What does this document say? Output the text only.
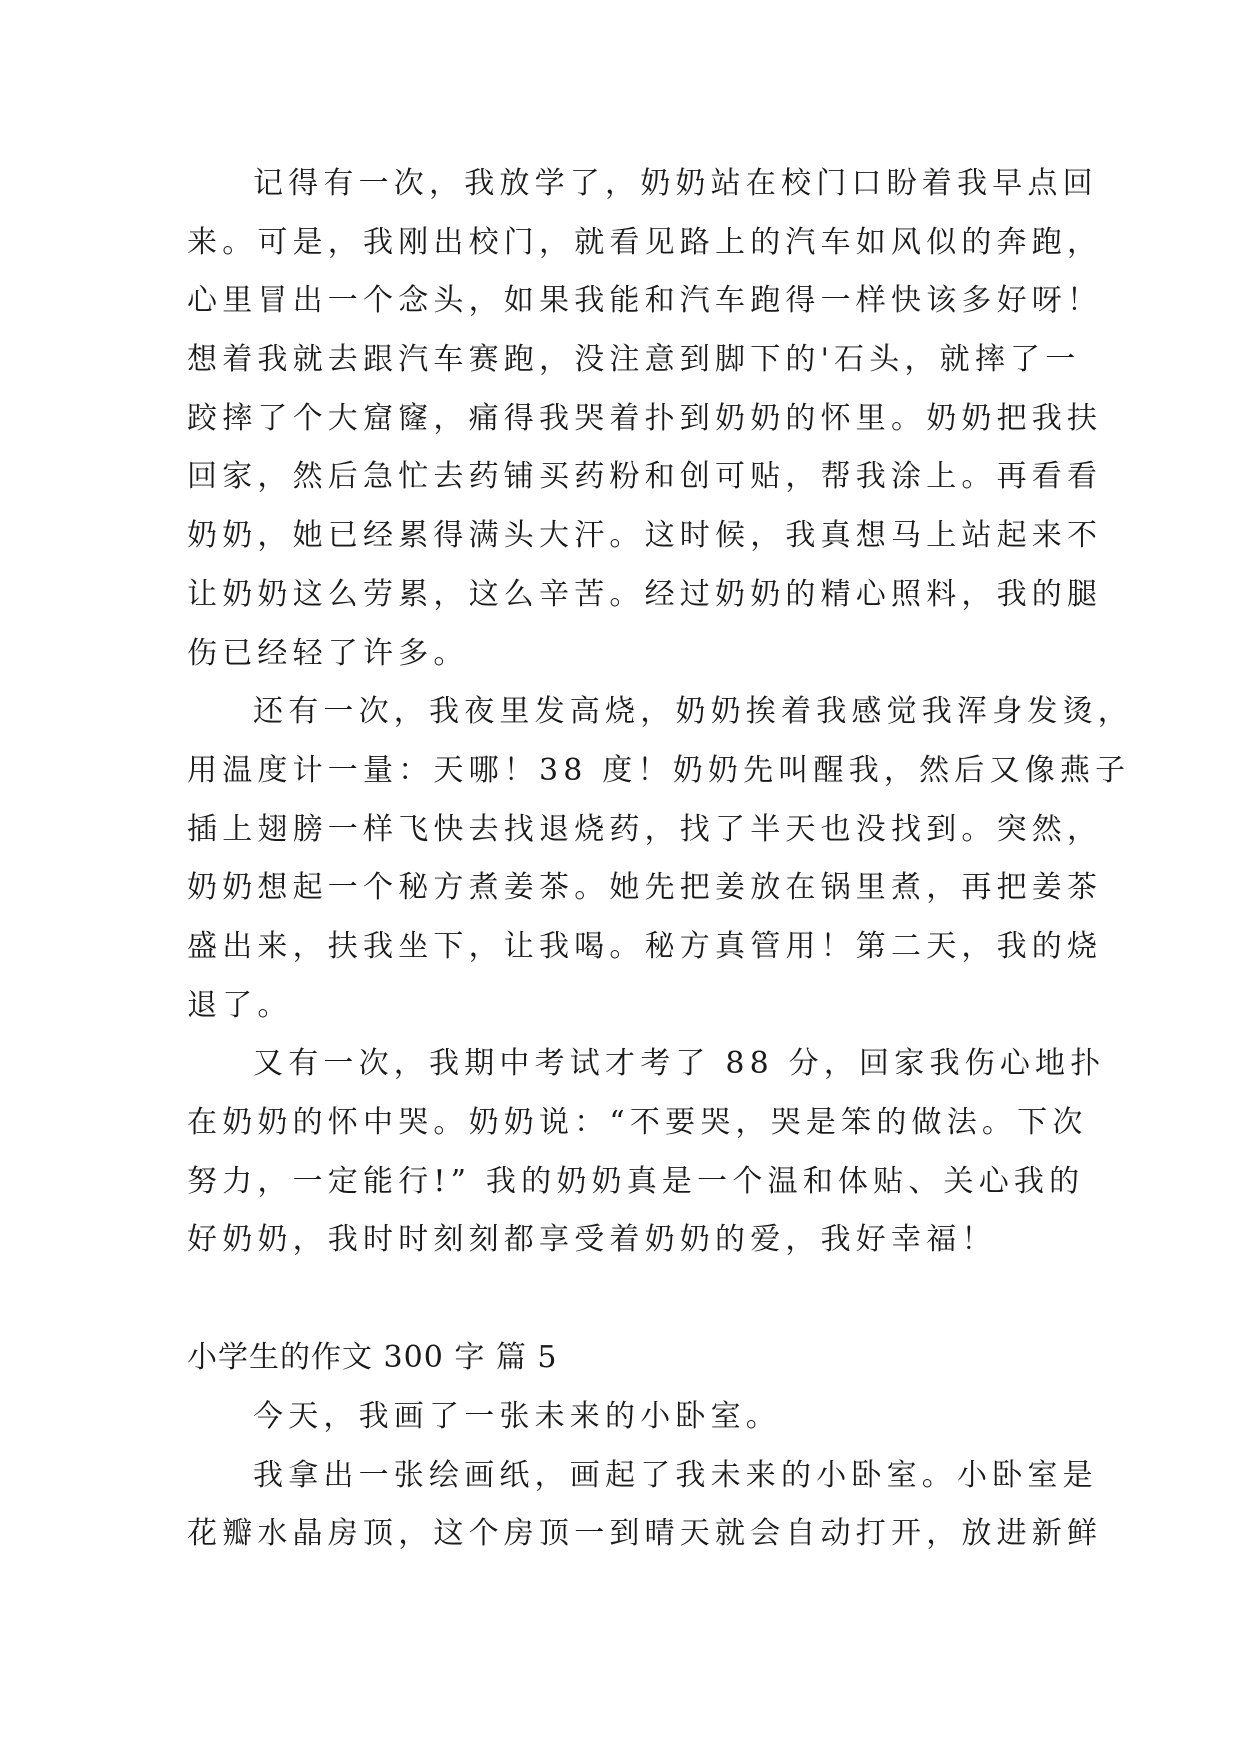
记得有一次，我放学了，奶奶站在校门口盼着我早点回
来。可是，我刚出校门，就看见路上的汽车如风似的奔跑，
心里冒出一个念头，如果我能和汽车跑得一样快该多好呀！
想着我就去跟汽车赛跑，没注意到脚下的'石头，就摔了一
跤摔了个大窟窿，痛得我哭着扑到奶奶的怀里。奶奶把我扶
回家，然后急忙去药铺买药粉和创可贴，帮我涂上。再看看
奶奶，她已经累得满头大汗。这时候，我真想马上站起来不
让奶奶这么劳累，这么辛苦。经过奶奶的精心照料，我的腿
伤已经轻了许多。
还有一次，我夜里发高烧，奶奶挨着我感觉我浑身发烫，
用温度计一量：天哪！38 度！奶奶先叫醒我，然后又像燕子
插上翅膀一样飞快去找退烧药，找了半天也没找到。突然，
奶奶想起一个秘方煮姜茶。她先把姜放在锅里煮，再把姜茶
盛出来，扶我坐下，让我喝。秘方真管用！第二天，我的烧
退了。
又有一次，我期中考试才考了 88 分，回家我伤心地扑
在奶奶的怀中哭。奶奶说：“不要哭，哭是笨的做法。下次
努力，一定能行!” 我的奶奶真是一个温和体贴、关心我的
好奶奶，我时时刻刻都享受着奶奶的爱，我好幸福！
小学生的作文 300 字 篇 5
今天，我画了一张未来的小卧室。
我拿出一张绘画纸，画起了我未来的小卧室。小卧室是
花瓣水晶房顶，这个房顶一到晴天就会自动打开，放进新鲜
